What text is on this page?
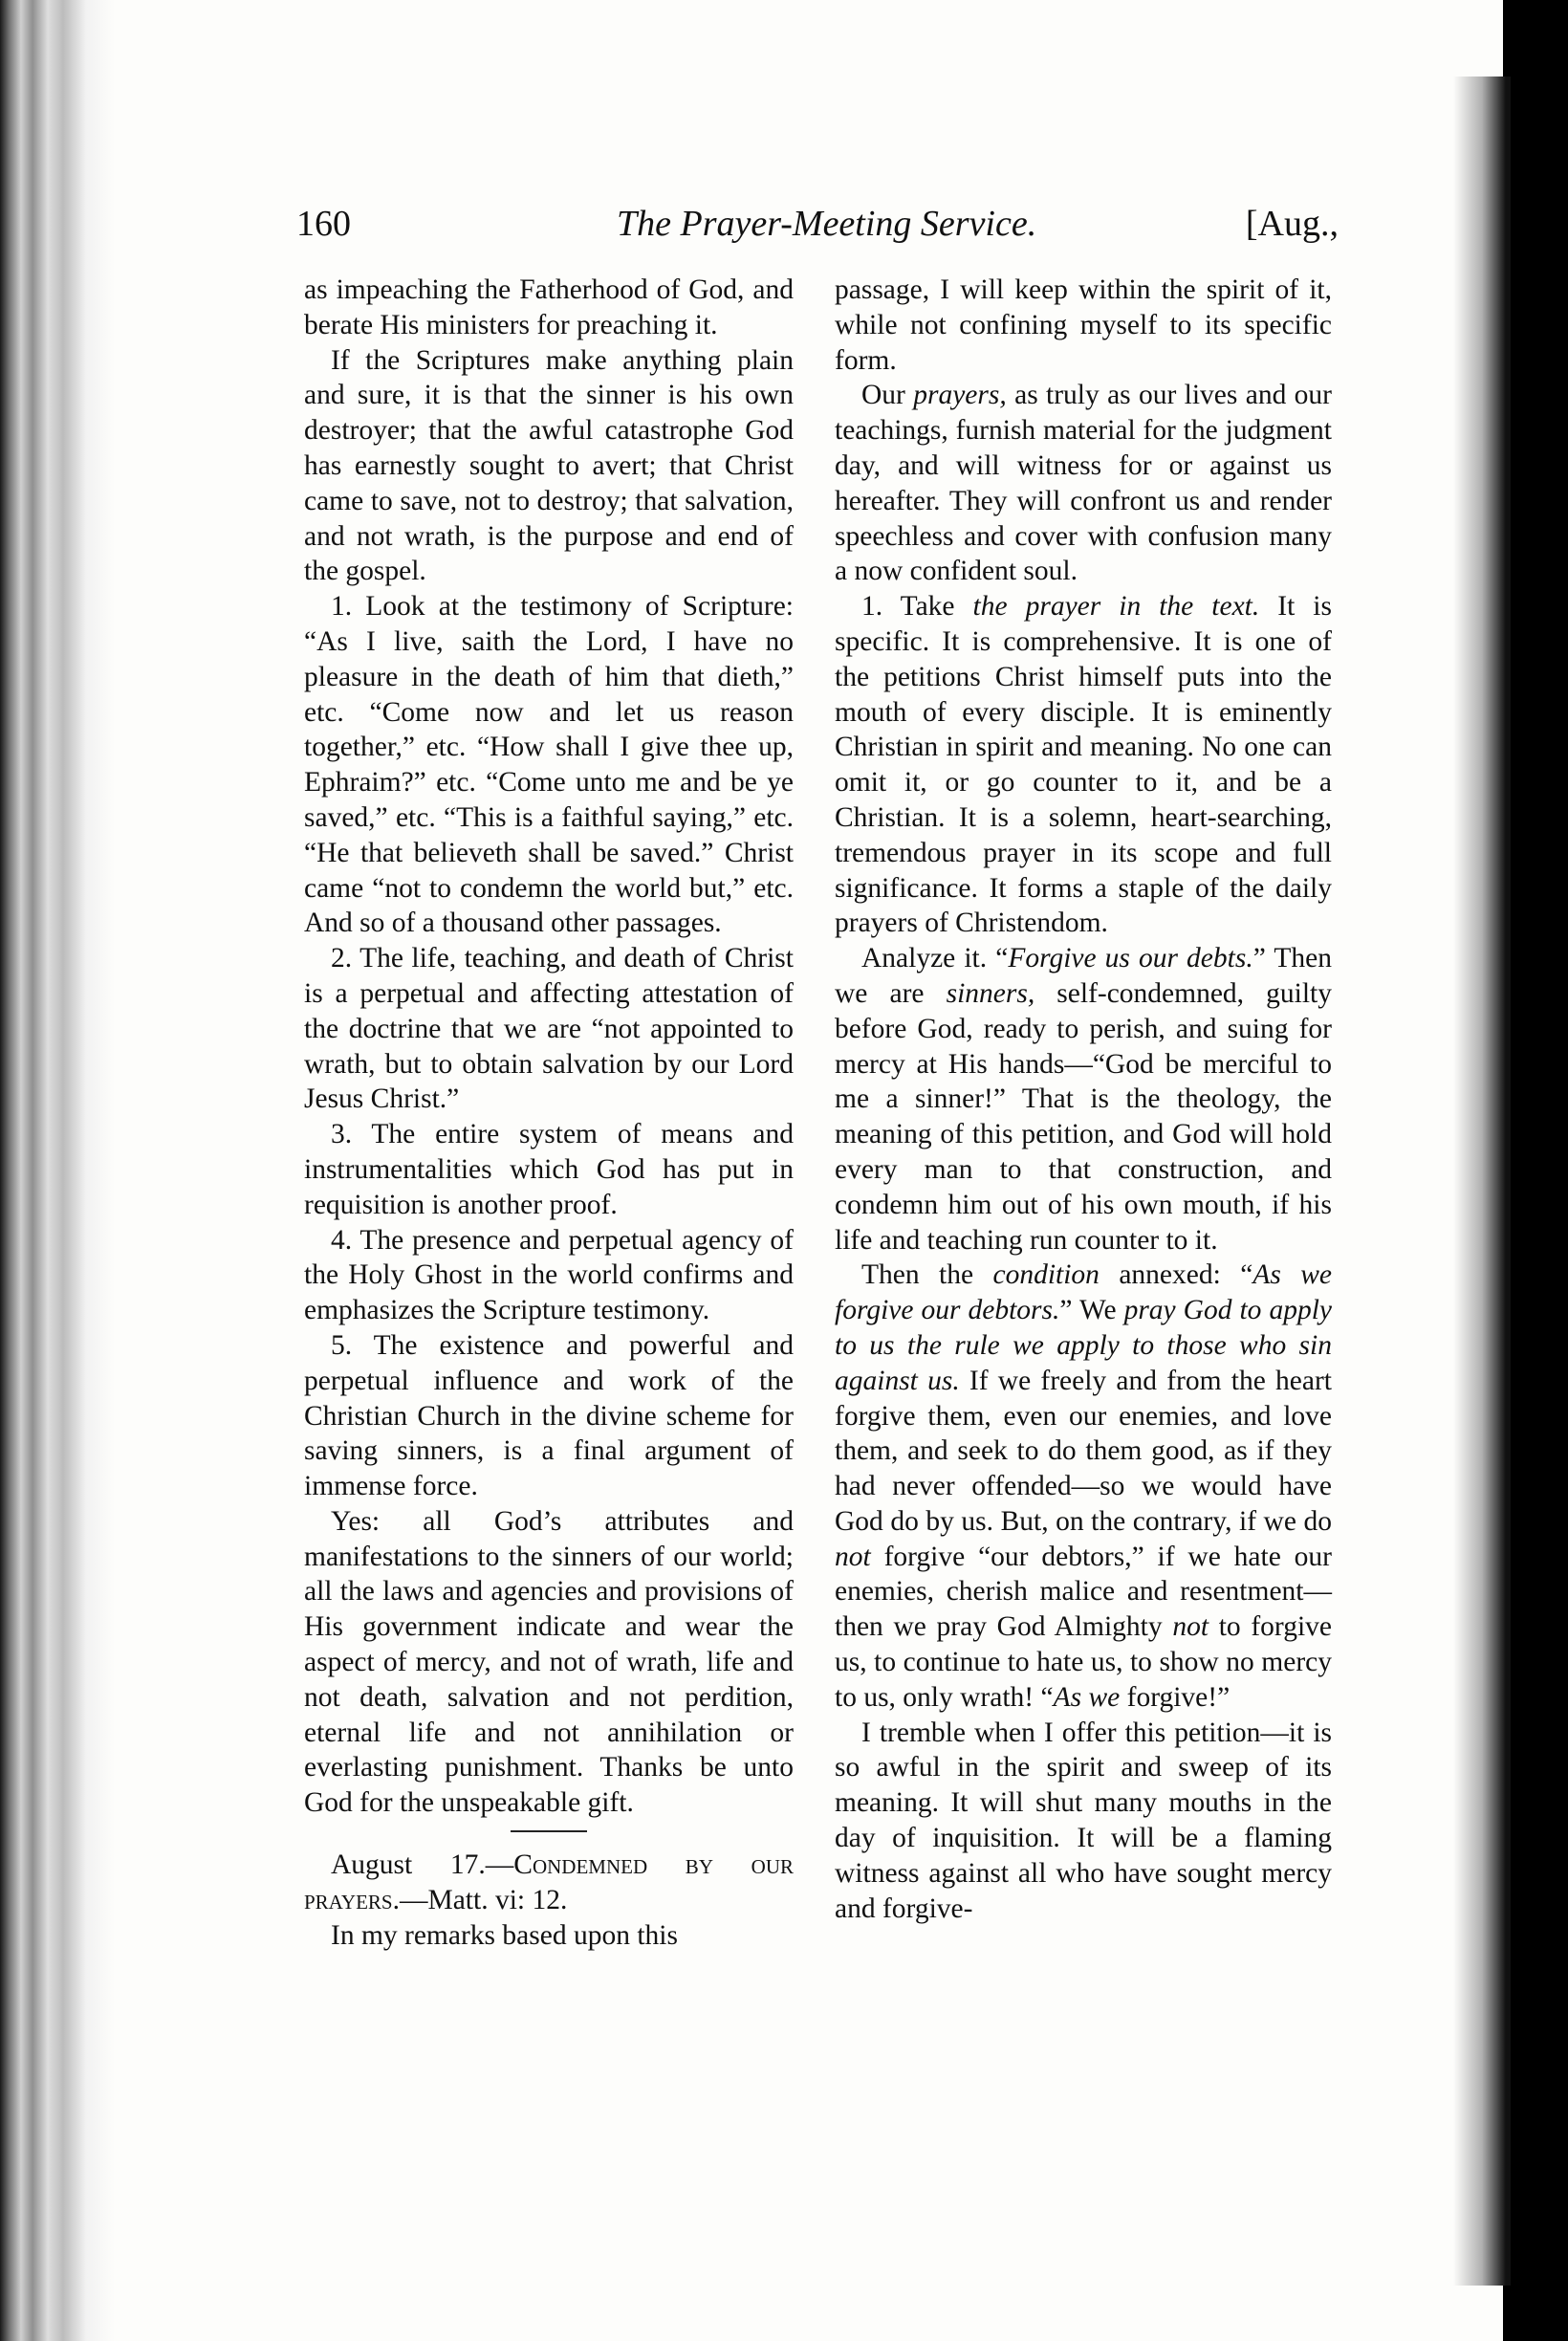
160	The Prayer-Meeting Service.	[Aug.,

as impeaching the Fatherhood of God, and berate His ministers for preaching it.

If the Scriptures make anything plain and sure, it is that the sinner is his own destroyer; that the awful catastrophe God has earnestly sought to avert; that Christ came to save, not to destroy; that salvation, and not wrath, is the purpose and end of the gospel.

1. Look at the testimony of Scripture: “As I live, saith the Lord, I have no pleasure in the death of him that dieth,” etc. “Come now and let us reason together,” etc. “How shall I give thee up, Ephraim?” etc. “Come unto me and be ye saved,” etc. “This is a faithful saying,” etc. “He that believeth shall be saved.” Christ came “not to condemn the world but,” etc. And so of a thousand other passages.

2. The life, teaching, and death of Christ is a perpetual and affecting attestation of the doctrine that we are “not appointed to wrath, but to obtain salvation by our Lord Jesus Christ.”

3. The entire system of means and instrumentalities which God has put in requisition is another proof.

4. The presence and perpetual agency of the Holy Ghost in the world confirms and emphasizes the Scripture testimony.

5. The existence and powerful and perpetual influence and work of the Christian Church in the divine scheme for saving sinners, is a final argument of immense force.

Yes: all God’s attributes and manifestations to the sinners of our world; all the laws and agencies and provisions of His government indicate and wear the aspect of mercy, and not of wrath, life and not death, salvation and not perdition, eternal life and not annihilation or everlasting punishment. Thanks be unto God for the unspeakable gift.

August 17.—Condemned by our prayers.—Matt. vi: 12.

In my remarks based upon this

passage, I will keep within the spirit of it, while not confining myself to its specific form.

Our prayers, as truly as our lives and our teachings, furnish material for the judgment day, and will witness for or against us hereafter. They will confront us and render speechless and cover with confusion many a now confident soul.

1. Take the prayer in the text. It is specific. It is comprehensive. It is one of the petitions Christ himself puts into the mouth of every disciple. It is eminently Christian in spirit and meaning. No one can omit it, or go counter to it, and be a Christian. It is a solemn, heart-searching, tremendous prayer in its scope and full significance. It forms a staple of the daily prayers of Christendom.

Analyze it. “Forgive us our debts.” Then we are sinners, self-condemned, guilty before God, ready to perish, and suing for mercy at His hands—“God be merciful to me a sinner!” That is the theology, the meaning of this petition, and God will hold every man to that construction, and condemn him out of his own mouth, if his life and teaching run counter to it.

Then the condition annexed: “As we forgive our debtors.” We pray God to apply to us the rule we apply to those who sin against us. If we freely and from the heart forgive them, even our enemies, and love them, and seek to do them good, as if they had never offended—so we would have God do by us. But, on the contrary, if we do not forgive “our debtors,” if we hate our enemies, cherish malice and resentment—then we pray God Almighty not to forgive us, to continue to hate us, to show no mercy to us, only wrath! “As we forgive!”

I tremble when I offer this petition—it is so awful in the spirit and sweep of its meaning. It will shut many mouths in the day of inquisition. It will be a flaming witness against all who have sought mercy and forgive-
